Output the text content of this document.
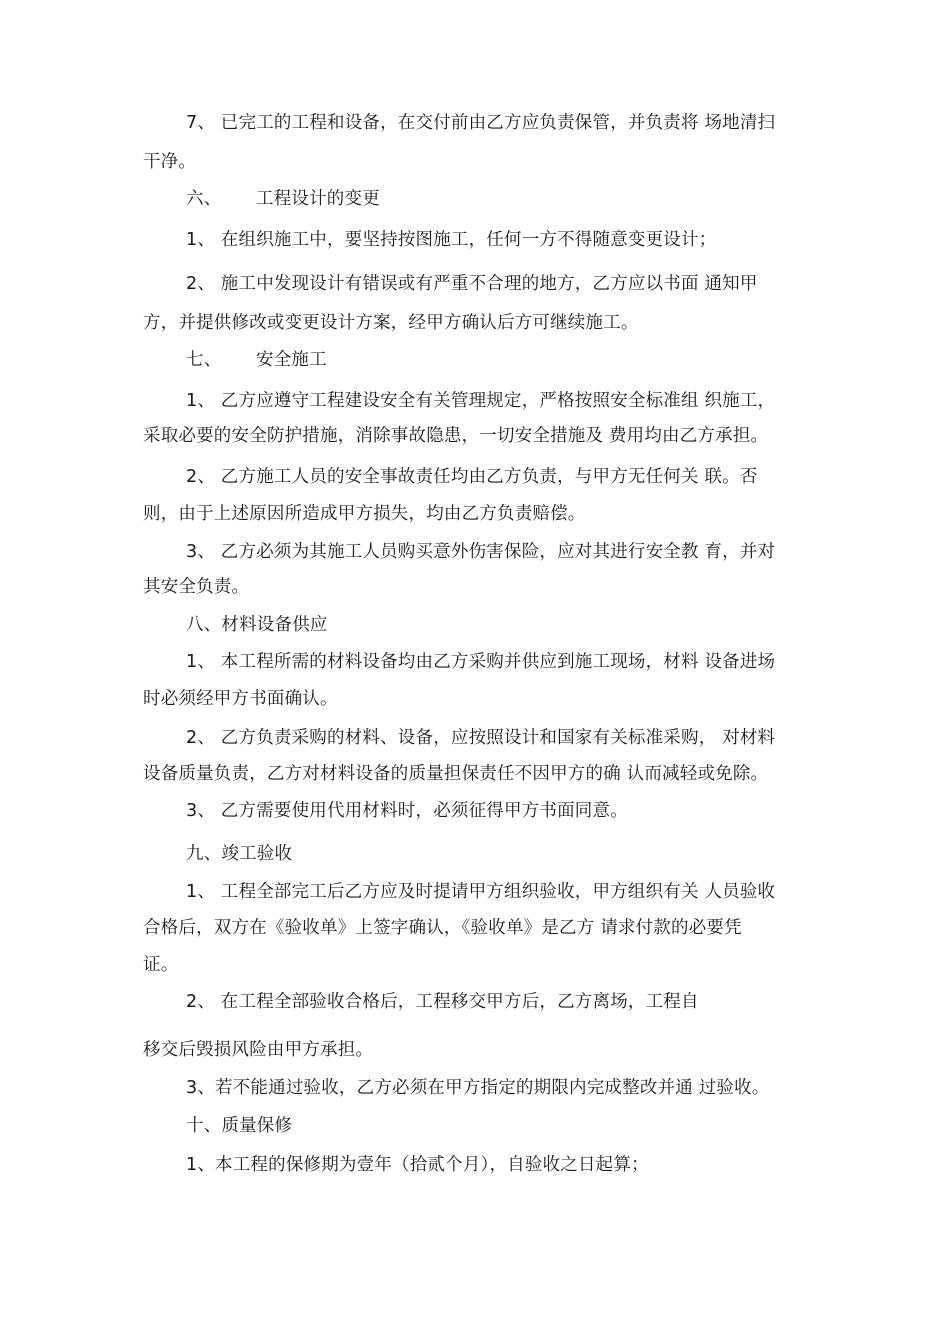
7、 已完工的工程和设备，在交付前由乙方应负责保管，并负责将 场地清扫
干净。
六、 工程设计的变更
1、 在组织施工中，要坚持按图施工，任何一方不得随意变更设计；
2、 施工中发现设计有错误或有严重不合理的地方，乙方应以书面 通知甲
方，并提供修改或变更设计方案，经甲方确认后方可继续施工。
七、 安全施工
1、 乙方应遵守工程建设安全有关管理规定，严格按照安全标准组 织施工，
采取必要的安全防护措施，消除事故隐患，一切安全措施及 费用均由乙方承担。
2、 乙方施工人员的安全事故责任均由乙方负责，与甲方无任何关 联。否
则，由于上述原因所造成甲方损失，均由乙方负责赔偿。
3、 乙方必须为其施工人员购买意外伤害保险，应对其进行安全教 育，并对
其安全负责。
八、材料设备供应
1、 本工程所需的材料设备均由乙方采购并供应到施工现场，材料 设备进场
时必须经甲方书面确认。
2、 乙方负责采购的材料、设备，应按照设计和国家有关标准采购， 对材料
设备质量负责，乙方对材料设备的质量担保责任不因甲方的确 认而减轻或免除。
3、 乙方需要使用代用材料时，必须征得甲方书面同意。
九、竣工验收
1、 工程全部完工后乙方应及时提请甲方组织验收，甲方组织有关 人员验收
合格后，双方在《验收单》上签字确认，《验收单》是乙方 请求付款的必要凭
证。
2、 在工程全部验收合格后，工程移交甲方后，乙方离场，工程自
移交后毁损风险由甲方承担。
3、若不能通过验收，乙方必须在甲方指定的期限内完成整改并通 过验收。
十、质量保修
1、本工程的保修期为壹年（拾贰个月），自验收之日起算；
